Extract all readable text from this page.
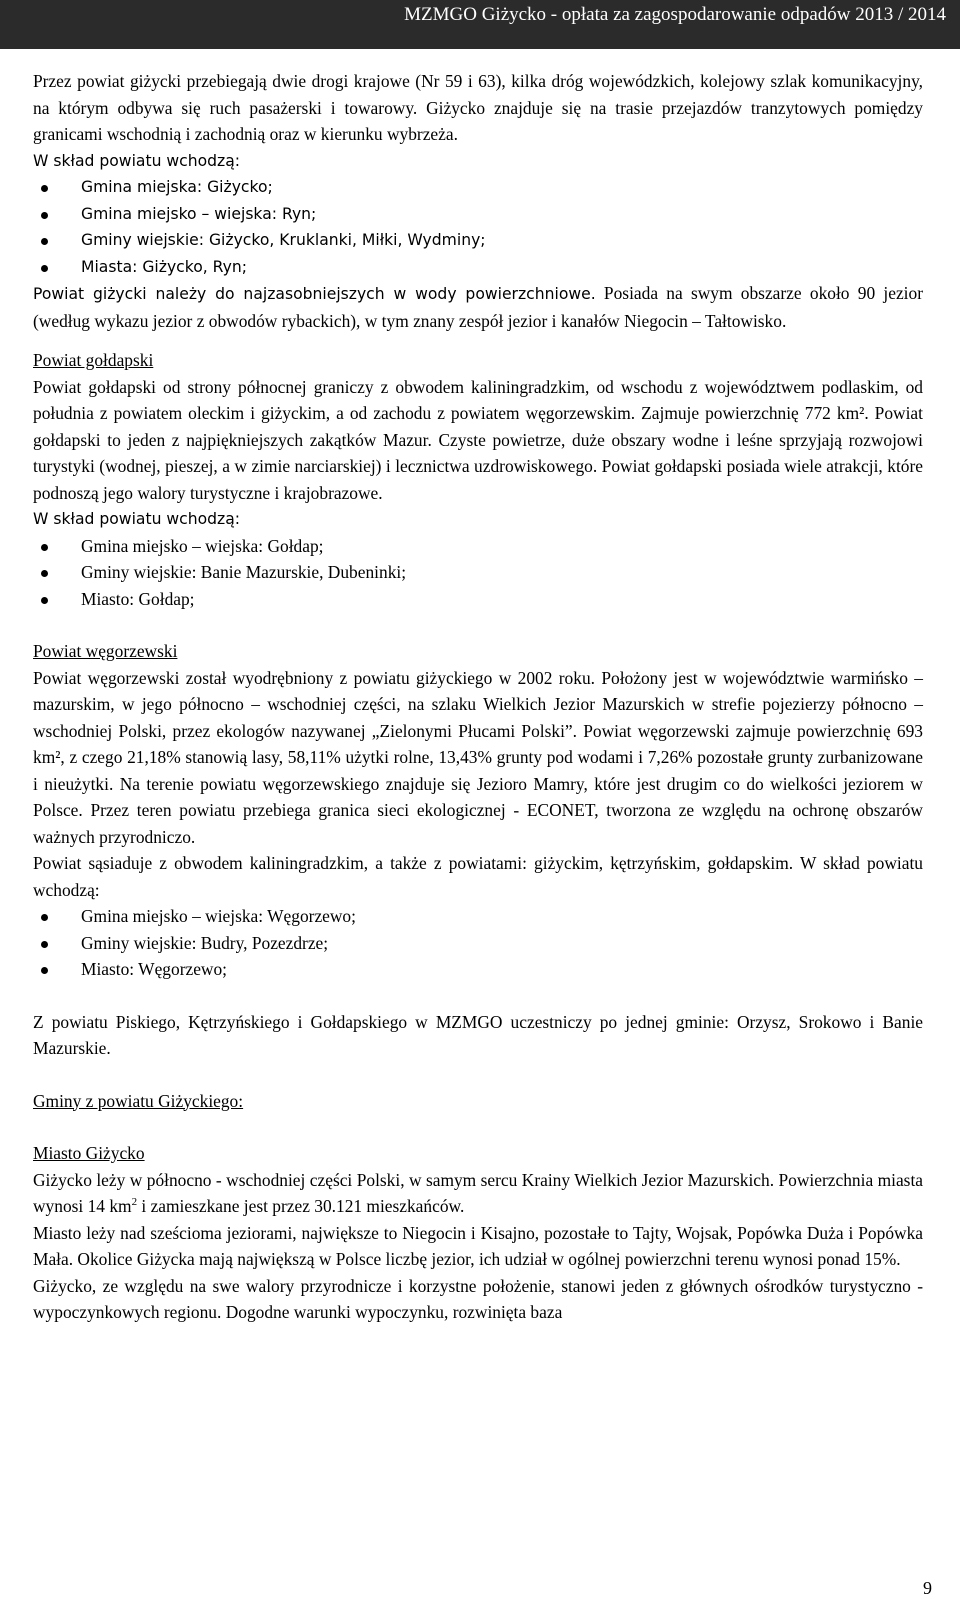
MZMGO Giżycko - opłata za zagospodarowanie odpadów 2013 / 2014

Przez powiat giżycki przebiegają dwie drogi krajowe (Nr 59 i 63), kilka dróg wojewódzkich, kolejowy szlak komunikacyjny, na którym odbywa się ruch pasażerski i towarowy. Giżycko znajduje się na trasie przejazdów tranzytowych pomiędzy granicami wschodnią i zachodnią oraz w kierunku wybrzeża.

W skład powiatu wchodzą:

Gmina miejska: Giżycko;
Gmina miejsko – wiejska: Ryn;
Gminy wiejskie: Giżycko, Kruklanki, Miłki, Wydminy;
Miasta: Giżycko, Ryn;

Powiat giżycki należy do najzasobniejszych w wody powierzchniowe. Posiada na swym obszarze około 90 jezior (według wykazu jezior z obwodów rybackich), w tym znany zespół jezior i kanałów Niegocin – Tałtowisko.

Powiat gołdapski

Powiat gołdapski od strony północnej graniczy z obwodem kaliningradzkim, od wschodu z województwem podlaskim, od południa z powiatem oleckim i giżyckim, a od zachodu z powiatem węgorzewskim. Zajmuje powierzchnię 772 km². Powiat gołdapski to jeden z najpiękniejszych zakątków Mazur. Czyste powietrze, duże obszary wodne i leśne sprzyjają rozwojowi turystyki (wodnej, pieszej, a w zimie narciarskiej) i lecznictwa uzdrowiskowego. Powiat gołdapski posiada wiele atrakcji, które podnoszą jego walory turystyczne i krajobrazowe.

W skład powiatu wchodzą:

Gmina miejsko – wiejska: Gołdap;
Gminy wiejskie: Banie Mazurskie, Dubeninki;
Miasto: Gołdap;

Powiat węgorzewski

Powiat węgorzewski został wyodrębniony z powiatu giżyckiego w 2002 roku. Położony jest w województwie warmińsko – mazurskim, w jego północno – wschodniej części, na szlaku Wielkich Jezior Mazurskich w strefie pojezierzy północno – wschodniej Polski, przez ekologów nazywanej „Zielonymi Płucami Polski”. Powiat węgorzewski zajmuje powierzchnię 693 km², z czego 21,18% stanowią lasy, 58,11% użytki rolne, 13,43% grunty pod wodami i 7,26% pozostałe grunty zurbanizowane i nieużytki. Na terenie powiatu węgorzewskiego znajduje się Jezioro Mamry, które jest drugim co do wielkości jeziorem w Polsce. Przez teren powiatu przebiega granica sieci ekologicznej - ECONET, tworzona ze względu na ochronę obszarów ważnych przyrodniczo.

Powiat sąsiaduje z obwodem kaliningradzkim, a także z powiatami: giżyckim, kętrzyńskim, gołdapskim. W skład powiatu wchodzą:

Gmina miejsko – wiejska: Węgorzewo;
Gminy wiejskie: Budry, Pozezdrze;
Miasto: Węgorzewo;

Z powiatu Piskiego, Kętrzyńskiego i Gołdapskiego w MZMGO uczestniczy po jednej gminie: Orzysz, Srokowo i Banie Mazurskie.

Gminy z powiatu Giżyckiego:

Miasto Giżycko

Giżycko leży w północno - wschodniej części Polski, w samym sercu Krainy Wielkich Jezior Mazurskich. Powierzchnia miasta wynosi 14 $km^2$ i zamieszkane jest przez 30.121 mieszkańców.

Miasto leży nad sześcioma jeziorami, największe to Niegocin i Kisajno, pozostałe to Tajty, Wojsak, Popówka Duża i Popówka Mała. Okolice Giżycka mają największą w Polsce liczbę jezior, ich udział w ogólnej powierzchni terenu wynosi ponad 15%.

Giżycko, ze względu na swe walory przyrodnicze i korzystne położenie, stanowi jeden z głównych ośrodków turystyczno - wypoczynkowych regionu. Dogodne warunki wypoczynku, rozwinięta baza

9
